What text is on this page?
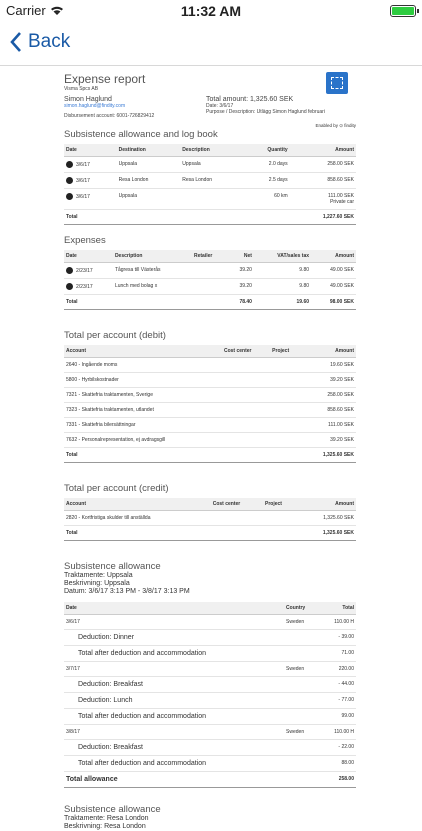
Carrier	11:32 AM
Back
Expense report
Visma Spcs AB
Simon Haglund
simon.haglund@findity.com
Disbursement account: 6001-726829412
Total amount: 1,325.60 SEK
Date: 3/6/17
Purpose / Description: Utlägg Simon Haglund februari
Enabled by ⊙ findity
Subsistence allowance and log book
Date	Destination	Description	Quantity	Amount
3/6/17	Uppsala	Uppsala	2.0 days	258.00 SEK
3/6/17	Resa London	Resa London	2.5 days	858.60 SEK
3/6/17	Uppsala		60 km	111.00 SEK
Private car
Total				1,227.60 SEK
Expenses
Date	Description	Retailer	Net	VAT/sales tax	Amount
2/23/17	Tågresa till Västerås		39.20	9.80	49.00 SEK
2/23/17	Lunch med bolag x		39.20	9.80	49.00 SEK
Total			78.40	19.60	98.00 SEK
Total per account (debit)
Account	Cost center	Project	Amount
2640 - Ingående moms			19.60 SEK
5800 - Hyrbilskostnader			39.20 SEK
7321 - Skattefria traktamenten, Sverige			258.00 SEK
7323 - Skattefria traktamenten, utlandet			858.60 SEK
7331 - Skattefria bilersättningar			111.00 SEK
7632 - Personalrepresentation, ej avdragsgill			39.20 SEK
Total			1,325.60 SEK
Total per account (credit)
Account	Cost center	Project	Amount
2820 - Kortfristiga skulder till anställda			1,325.60 SEK
Total			1,325.60 SEK
Subsistence allowance
Traktamente: Uppsala
Beskrivning: Uppsala
Datum: 3/6/17 3:13 PM - 3/8/17 3:13 PM
Date	Country	Total
3/6/17	Sweden	110.00 H
Deduction: Dinner		- 39.00
Total after deduction and accommodation		71.00
3/7/17	Sweden	220.00
Deduction: Breakfast		- 44.00
Deduction: Lunch		- 77.00
Total after deduction and accommodation		99.00
3/8/17	Sweden	110.00 H
Deduction: Breakfast		- 22.00
Total after deduction and accommodation		88.00
Total allowance		258.00
Subsistence allowance
Traktamente: Resa London
Beskrivning: Resa London
